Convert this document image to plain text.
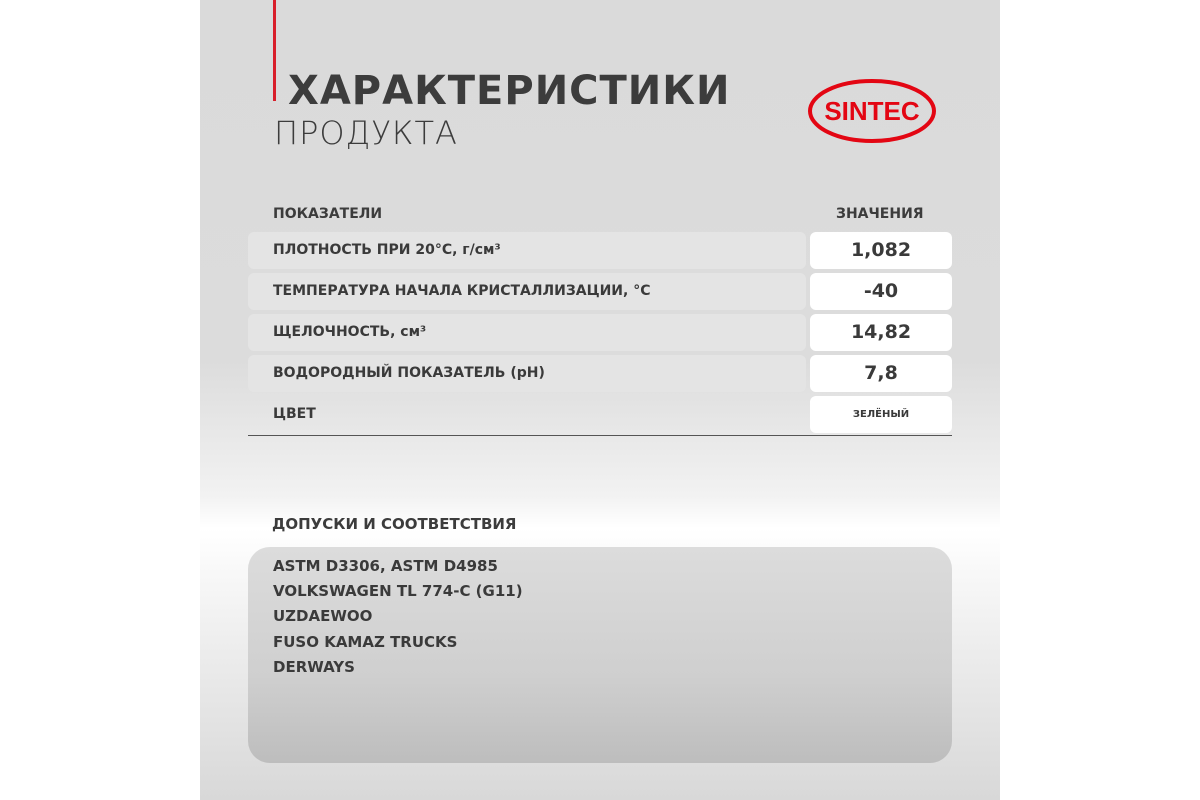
ХАРАКТЕРИСТИКИ
ПРОДУКТА
SINTEC
ПОКАЗАТЕЛИ	ЗНАЧЕНИЯ
ПЛОТНОСТЬ ПРИ 20°С, г/см³	1,082
ТЕМПЕРАТУРА НАЧАЛА КРИСТАЛЛИЗАЦИИ, °С	-40
ЩЕЛОЧНОСТЬ, см³	14,82
ВОДОРОДНЫЙ ПОКАЗАТЕЛЬ (pH)	7,8
ЦВЕТ	ЗЕЛЁНЫЙ
ДОПУСКИ И СООТВЕТСТВИЯ
ASTM D3306, ASTM D4985
VOLKSWAGEN TL 774-C (G11)
UZDAEWOO
FUSO KAMAZ TRUCKS
DERWAYS
